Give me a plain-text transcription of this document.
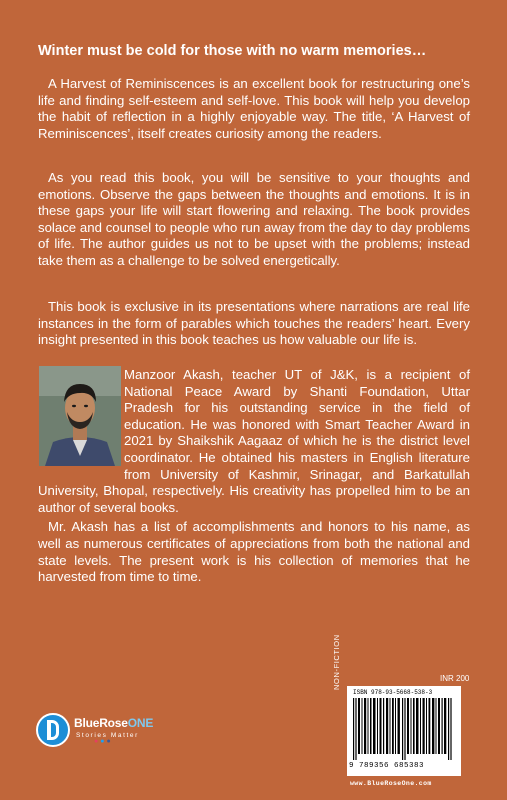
Winter must be cold for those with no warm memories…

A Harvest of Reminiscences is an excellent book for restructuring one’s life and finding self-esteem and self-love. This book will help you develop the habit of reflection in a highly enjoyable way. The title, ‘A Harvest of Reminiscences’, itself creates curiosity among the readers.

As you read this book, you will be sensitive to your thoughts and emotions. Observe the gaps between the thoughts and emotions. It is in these gaps your life will start flowering and relaxing. The book provides solace and counsel to people who run away from the day to day problems of life. The author guides us not to be upset with the problems; instead take them as a challenge to be solved energetically.

This book is exclusive in its presentations where narrations are real life instances in the form of parables which touches the readers’ heart. Every insight presented in this book teaches us how valuable our life is.

Manzoor Akash, teacher UT of J&K, is a recipient of National Peace Award by Shanti Foundation, Uttar Pradesh for his outstanding service in the field of education. He was honored with Smart Teacher Award in 2021 by Shaikshik Aagaaz of which he is the district level coordinator. He obtained his masters in English literature from University of Kashmir, Srinagar, and Barkatullah University, Bhopal, respectively. His creativity has propelled him to be an author of several books.

Mr. Akash has a list of accomplishments and honors to his name, as well as numerous certificates of appreciations from both the national and state levels. The present work is his collection of memories that he harvested from time to time.

BlueRoseONE
Stories Matter
● ● ●
INR 200
NON-FICTION
ISBN 978-93-5668-538-3
9 789356 685383
www.BlueRoseOne.com
